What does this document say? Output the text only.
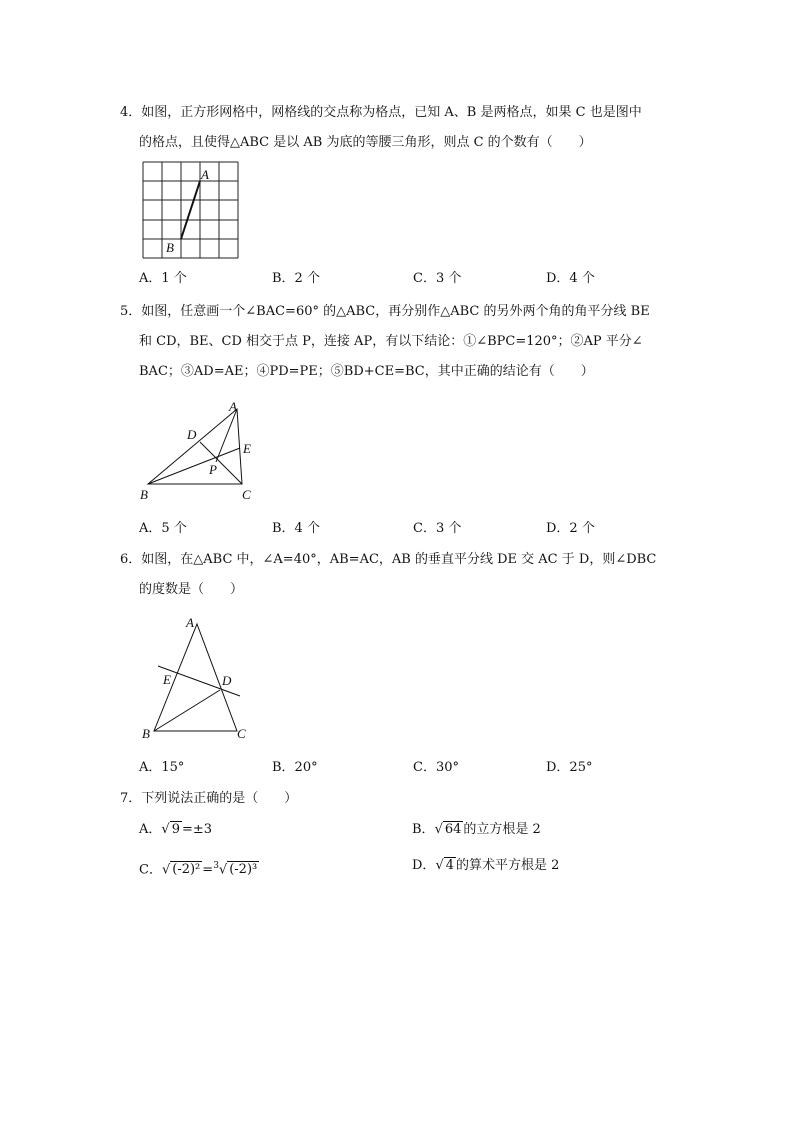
4．如图，正方形网格中，网格线的交点称为格点，已知 A、B 是两格点，如果 C 也是图中
的格点，且使得△ABC 是以 AB 为底的等腰三角形，则点 C 的个数有（　　）
A
B
A．1 个	B．2 个	C．3 个	D．4 个
5．如图，任意画一个∠BAC=60° 的△ABC，再分别作△ABC 的另外两个角的角平分线 BE
和 CD，BE、CD 相交于点 P，连接 AP，有以下结论：①∠BPC=120°；②AP 平分∠
BAC；③AD=AE；④PD=PE；⑤BD+CE=BC，其中正确的结论有（　　）
A
D
E
P
B	C
A．5 个	B．4 个	C．3 个	D．2 个
6．如图，在△ABC 中，∠A=40°，AB=AC，AB 的垂直平分线 DE 交 AC 于 D，则∠DBC
的度数是（　　）
A
E	D
B	C
A．15°	B．20°	C．30°	D．25°
7．下列说法正确的是（　　）
A．√ 9 =±3	B．√ 64 的立方根是 2
C．√ (-2)² =$^3$√ (-2)³	D．√ 4 的算术平方根是 2
